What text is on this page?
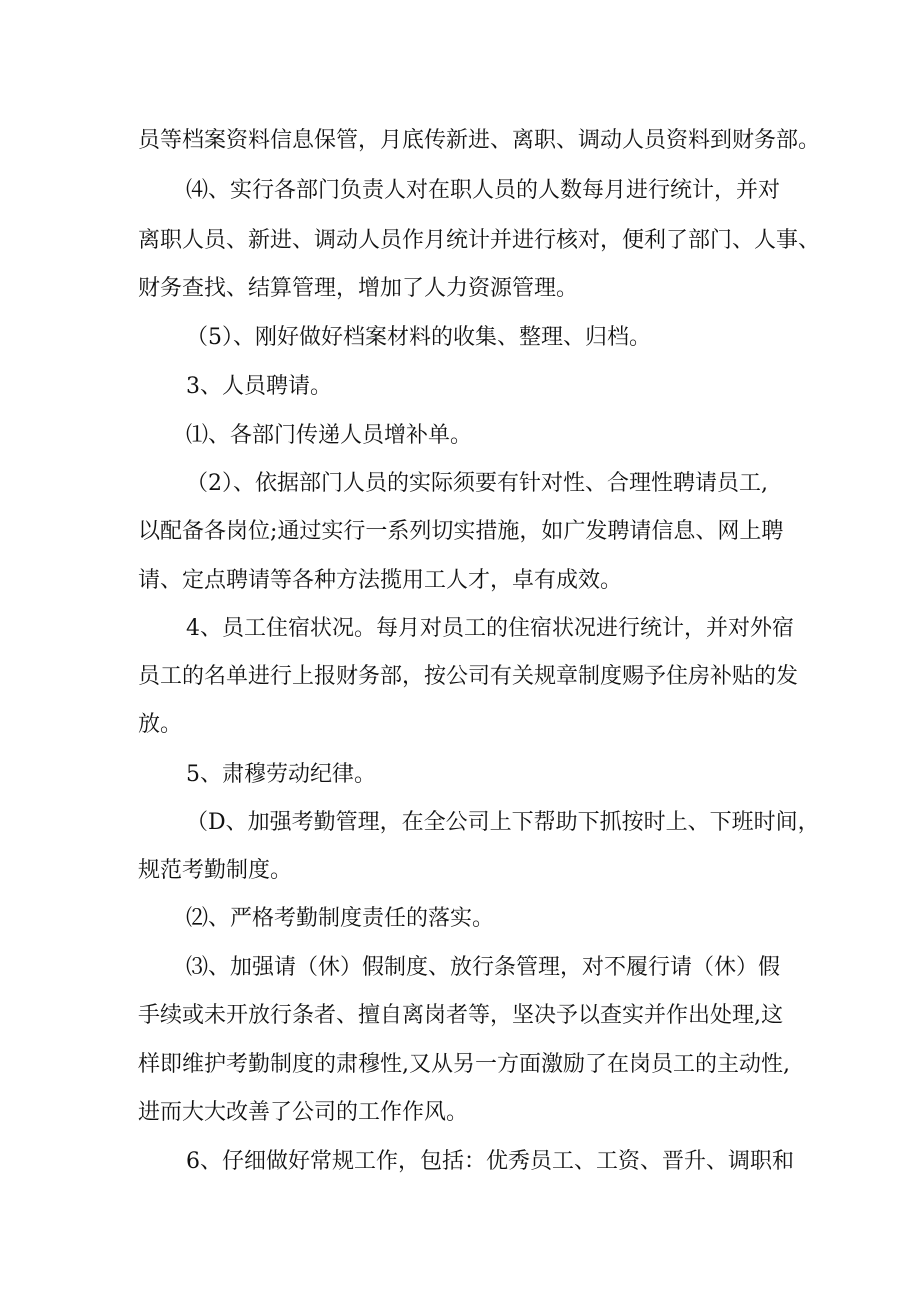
员等档案资料信息保管，月底传新进、离职、调动人员资料到财务部。
⑷、实行各部门负责人对在职人员的人数每月进行统计，并对
离职人员、新进、调动人员作月统计并进行核对，便利了部门、人事、
财务查找、结算管理，增加了人力资源管理。
（5）、刚好做好档案材料的收集、整理、归档。
3、人员聘请。
⑴、各部门传递人员增补单。
（2）、依据部门人员的实际须要有针对性、合理性聘请员工,
以配备各岗位;通过实行一系列切实措施，如广发聘请信息、网上聘
请、定点聘请等各种方法揽用工人才，卓有成效。
4、员工住宿状况。每月对员工的住宿状况进行统计，并对外宿
员工的名单进行上报财务部，按公司有关规章制度赐予住房补贴的发
放。
5、肃穆劳动纪律。
（D、加强考勤管理，在全公司上下帮助下抓按时上、下班时间，
规范考勤制度。
⑵、严格考勤制度责任的落实。
⑶、加强请（休）假制度、放行条管理，对不履行请（休）假
手续或未开放行条者、擅自离岗者等，坚决予以查实并作出处理,这
样即维护考勤制度的肃穆性,又从另一方面激励了在岗员工的主动性,
进而大大改善了公司的工作作风。
6、仔细做好常规工作，包括：优秀员工、工资、晋升、调职和
